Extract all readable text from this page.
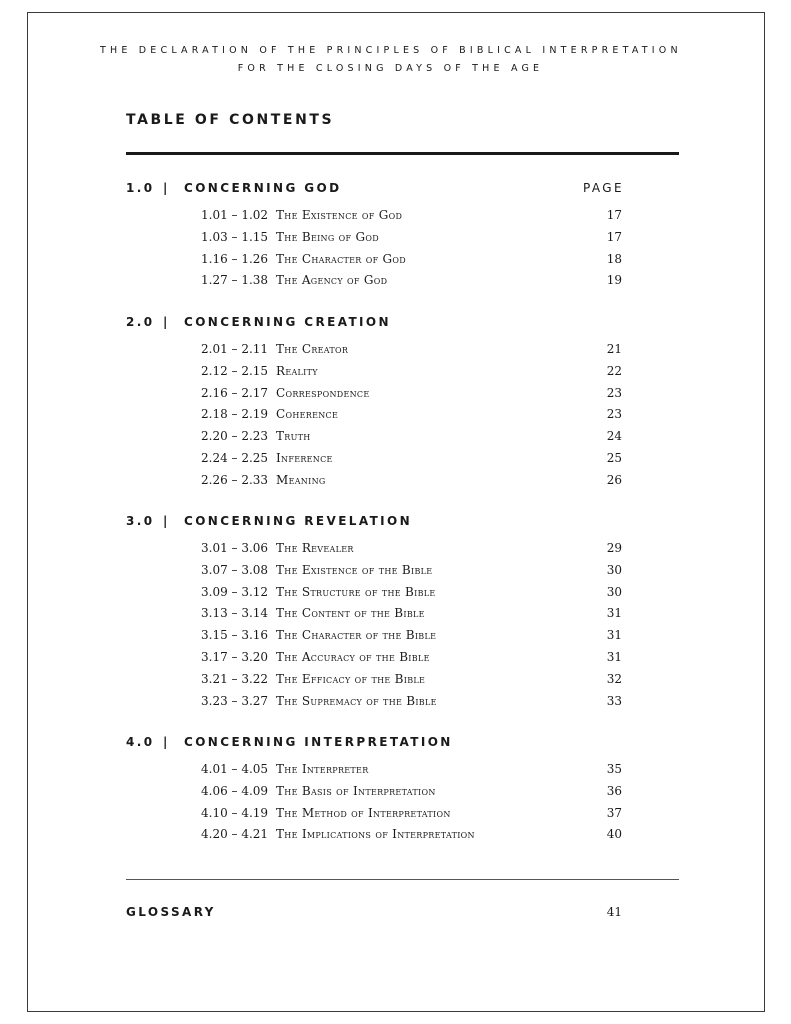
THE DECLARATION OF THE PRINCIPLES OF BIBLICAL INTERPRETATION
FOR THE CLOSING DAYS OF THE AGE
TABLE OF CONTENTS
PAGE
1.0 | CONCERNING GOD
1.01 – 1.02 The Existence of God	17
1.03 – 1.15 The Being of God	17
1.16 – 1.26 The Character of God	18
1.27 – 1.38 The Agency of God	19
2.0 | CONCERNING CREATION
2.01 – 2.11 The Creator	21
2.12 – 2.15 Reality	22
2.16 – 2.17 Correspondence	23
2.18 – 2.19 Coherence	23
2.20 – 2.23 Truth	24
2.24 – 2.25 Inference	25
2.26 – 2.33 Meaning	26
3.0 | CONCERNING REVELATION
3.01 – 3.06 The Revealer	29
3.07 – 3.08 The Existence of the Bible	30
3.09 – 3.12 The Structure of the Bible	30
3.13 – 3.14 The Content of the Bible	31
3.15 – 3.16 The Character of the Bible	31
3.17 – 3.20 The Accuracy of the Bible	31
3.21 – 3.22 The Efficacy of the Bible	32
3.23 – 3.27 The Supremacy of the Bible	33
4.0 | CONCERNING INTERPRETATION
4.01 – 4.05 The Interpreter	35
4.06 – 4.09 The Basis of Interpretation	36
4.10 – 4.19 The Method of Interpretation	37
4.20 – 4.21 The Implications of Interpretation	40
GLOSSARY	41
